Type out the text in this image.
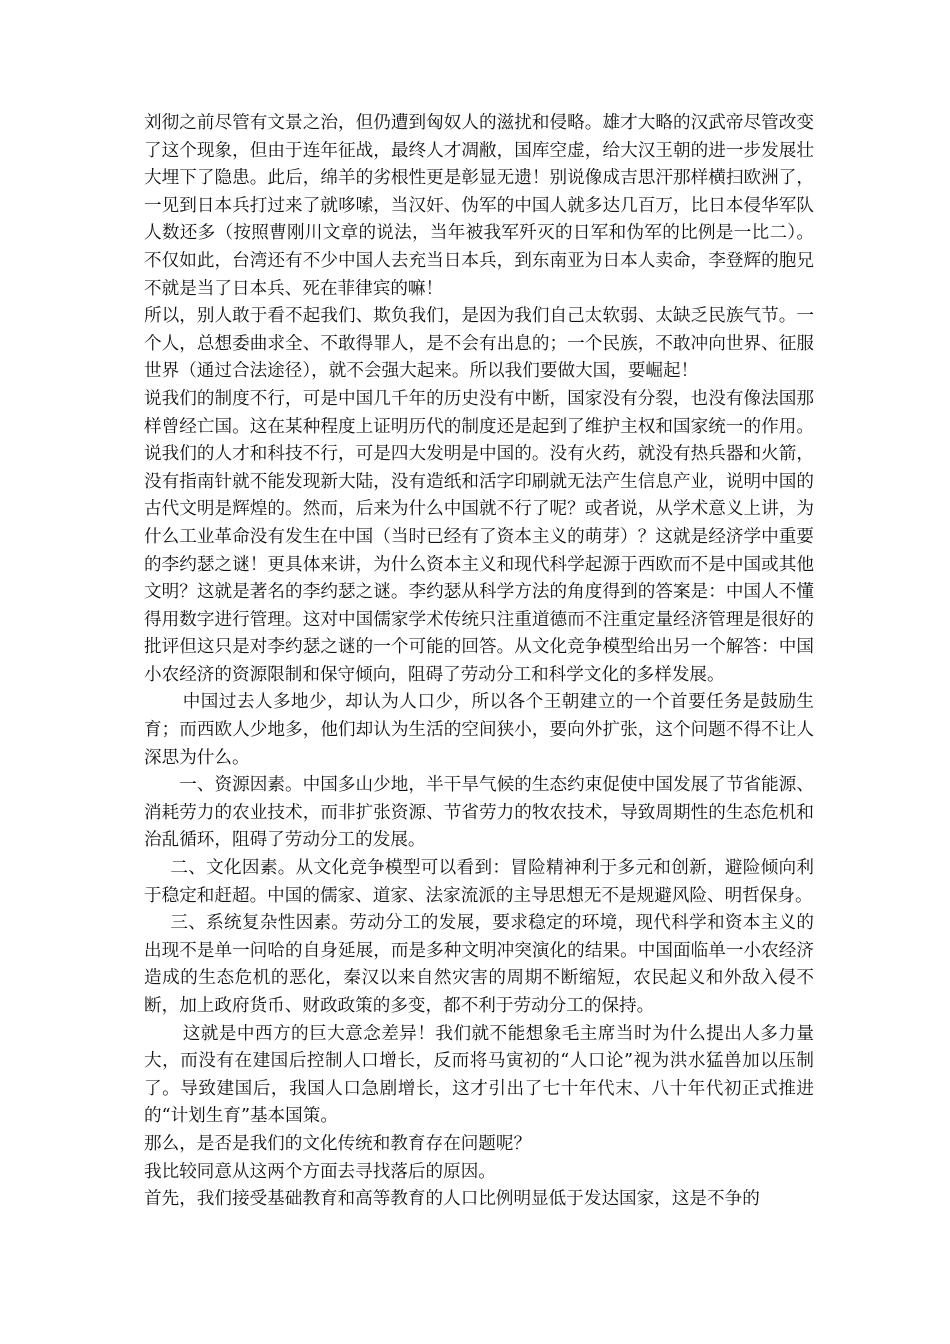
刘彻之前尽管有文景之治，但仍遭到匈奴人的滋扰和侵略。雄才大略的汉武帝尽管改变了这个现象，但由于连年征战，最终人才凋敝，国库空虚，给大汉王朝的进一步发展壮大埋下了隐患。此后，绵羊的劣根性更是彰显无遗！别说像成吉思汗那样横扫欧洲了，一见到日本兵打过来了就哆嗦，当汉奸、伪军的中国人就多达几百万，比日本侵华军队人数还多（按照曹刚川文章的说法，当年被我军歼灭的日军和伪军的比例是一比二）。不仅如此，台湾还有不少中国人去充当日本兵，到东南亚为日本人卖命，李登辉的胞兄不就是当了日本兵、死在菲律宾的嘛！

所以，别人敢于看不起我们、欺负我们，是因为我们自己太软弱、太缺乏民族气节。一个人，总想委曲求全、不敢得罪人，是不会有出息的；一个民族，不敢冲向世界、征服世界（通过合法途径），就不会强大起来。所以我们要做大国，要崛起！

说我们的制度不行，可是中国几千年的历史没有中断，国家没有分裂，也没有像法国那样曾经亡国。这在某种程度上证明历代的制度还是起到了维护主权和国家统一的作用。说我们的人才和科技不行，可是四大发明是中国的。没有火药，就没有热兵器和火箭，没有指南针就不能发现新大陆，没有造纸和活字印刷就无法产生信息产业，说明中国的古代文明是辉煌的。然而，后来为什么中国就不行了呢？或者说，从学术意义上讲，为什么工业革命没有发生在中国（当时已经有了资本主义的萌芽）？这就是经济学中重要的李约瑟之谜！更具体来讲，为什么资本主义和现代科学起源于西欧而不是中国或其他文明？这就是著名的李约瑟之谜。李约瑟从科学方法的角度得到的答案是：中国人不懂得用数字进行管理。这对中国儒家学术传统只注重道德而不注重定量经济管理是很好的批评但这只是对李约瑟之谜的一个可能的回答。从文化竞争模型给出另一个解答：中国小农经济的资源限制和保守倾向，阻碍了劳动分工和科学文化的多样发展。

中国过去人多地少，却认为人口少，所以各个王朝建立的一个首要任务是鼓励生育；而西欧人少地多，他们却认为生活的空间狭小，要向外扩张，这个问题不得不让人深思为什么。

一、资源因素。中国多山少地，半干旱气候的生态约束促使中国发展了节省能源、消耗劳力的农业技术，而非扩张资源、节省劳力的牧农技术，导致周期性的生态危机和治乱循环，阻碍了劳动分工的发展。

二、文化因素。从文化竞争模型可以看到：冒险精神利于多元和创新，避险倾向利于稳定和赶超。中国的儒家、道家、法家流派的主导思想无不是规避风险、明哲保身。

三、系统复杂性因素。劳动分工的发展，要求稳定的环境，现代科学和资本主义的出现不是单一问哈的自身延展，而是多种文明冲突演化的结果。中国面临单一小农经济造成的生态危机的恶化，秦汉以来自然灾害的周期不断缩短，农民起义和外敌入侵不断，加上政府货币、财政政策的多变，都不利于劳动分工的保持。

这就是中西方的巨大意念差异！我们就不能想象毛主席当时为什么提出人多力量大，而没有在建国后控制人口增长，反而将马寅初的“人口论”视为洪水猛兽加以压制了。导致建国后，我国人口急剧增长，这才引出了七十年代末、八十年代初正式推进的“计划生育”基本国策。

那么，是否是我们的文化传统和教育存在问题呢？

我比较同意从这两个方面去寻找落后的原因。

首先，我们接受基础教育和高等教育的人口比例明显低于发达国家，这是不争的
